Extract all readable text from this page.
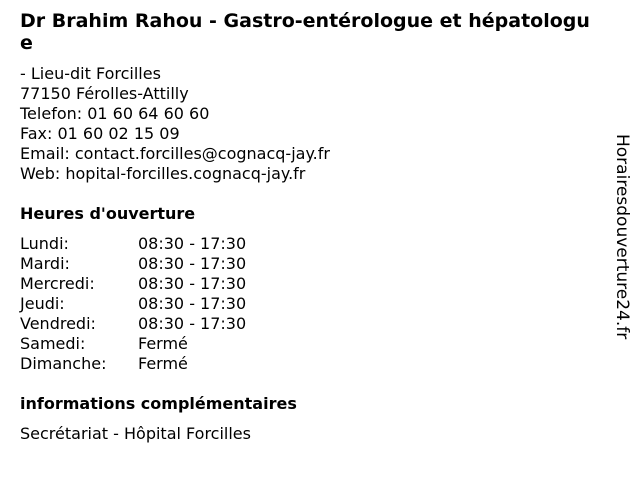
Dr Brahim Rahou - Gastro-entérologue et hépatologue
- Lieu-dit Forcilles
77150 Férolles-Attilly
Telefon: 01 60 64 60 60
Fax: 01 60 02 15 09
Email: contact.forcilles@cognacq-jay.fr
Web: hopital-forcilles.cognacq-jay.fr
Heures d'ouverture
Lundi:	08:30 - 17:30
Mardi:	08:30 - 17:30
Mercredi:	08:30 - 17:30
Jeudi:	08:30 - 17:30
Vendredi:	08:30 - 17:30
Samedi:	Fermé
Dimanche: Fermé
informations complémentaires
Secrétariat - Hôpital Forcilles
Horairesdouverture24.fr
